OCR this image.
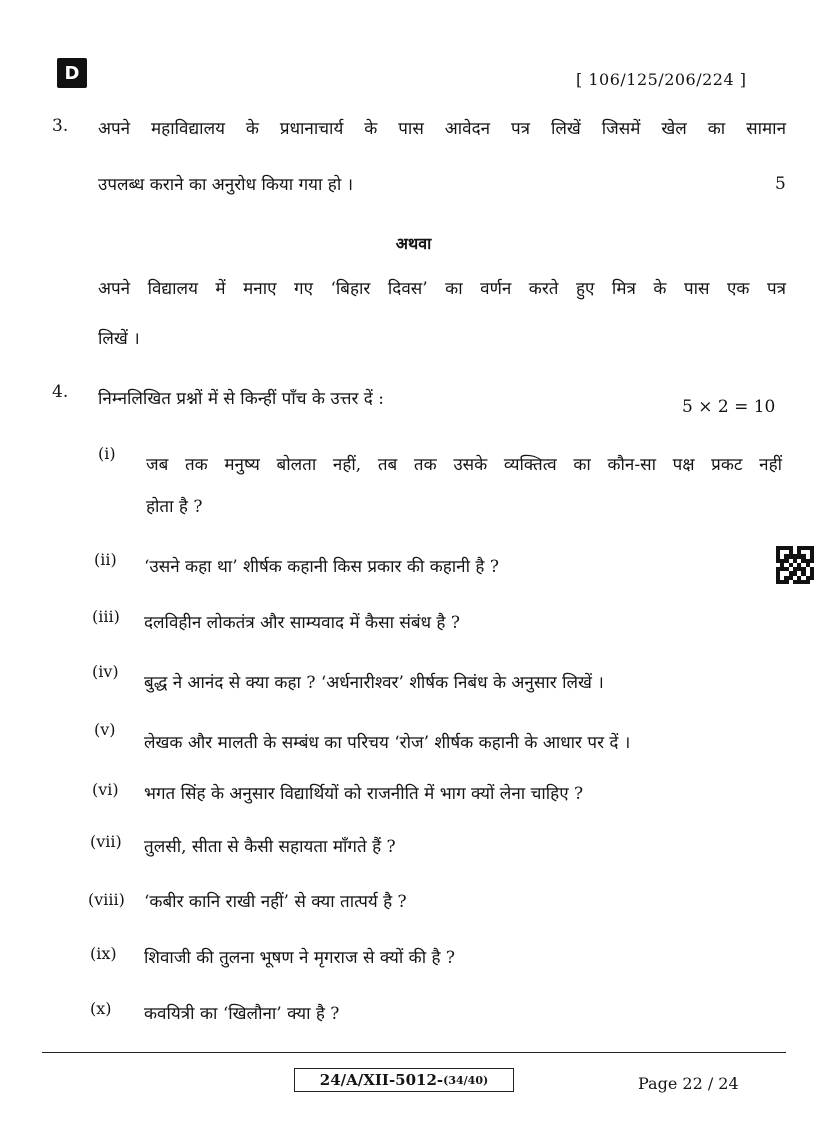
D	[ 106/125/206/224 ]
3. अपने महाविद्यालय के प्रधानाचार्य के पास आवेदन पत्र लिखें जिसमें खेल का सामान
उपलब्ध कराने का अनुरोध किया गया हो ।	5
अथवा
अपने विद्यालय में मनाए गए ‘बिहार दिवस’ का वर्णन करते हुए मित्र के पास एक पत्र
लिखें ।
4. निम्नलिखित प्रश्नों में से किन्हीं पाँच के उत्तर दें :	5 × 2 = 10
(i)
जब तक मनुष्य बोलता नहीं, तब तक उसके व्यक्तित्व का कौन-सा पक्ष प्रकट नहीं
होता है ?
(ii) ‘उसने कहा था’ शीर्षक कहानी किस प्रकार की कहानी है ?
(iii) दलविहीन लोकतंत्र और साम्यवाद में कैसा संबंध है ?
(iv)
बुद्ध ने आनंद से क्या कहा ? ‘अर्धनारीश्वर’ शीर्षक निबंध के अनुसार लिखें ।
(v)
लेखक और मालती के सम्बंध का परिचय ‘रोज’ शीर्षक कहानी के आधार पर दें ।
(vi) भगत सिंह के अनुसार विद्यार्थियों को राजनीति में भाग क्यों लेना चाहिए ?
(vii) तुलसी, सीता से कैसी सहायता माँगते हैं ?
(viii) ‘कबीर कानि राखी नहीं’ से क्या तात्पर्य है ?
(ix) शिवाजी की तुलना भूषण ने मृगराज से क्यों की है ?
(x) कवयित्री का ‘खिलौना’ क्या है ?
24/A/XII-5012- (34/40)	Page 22 / 24
